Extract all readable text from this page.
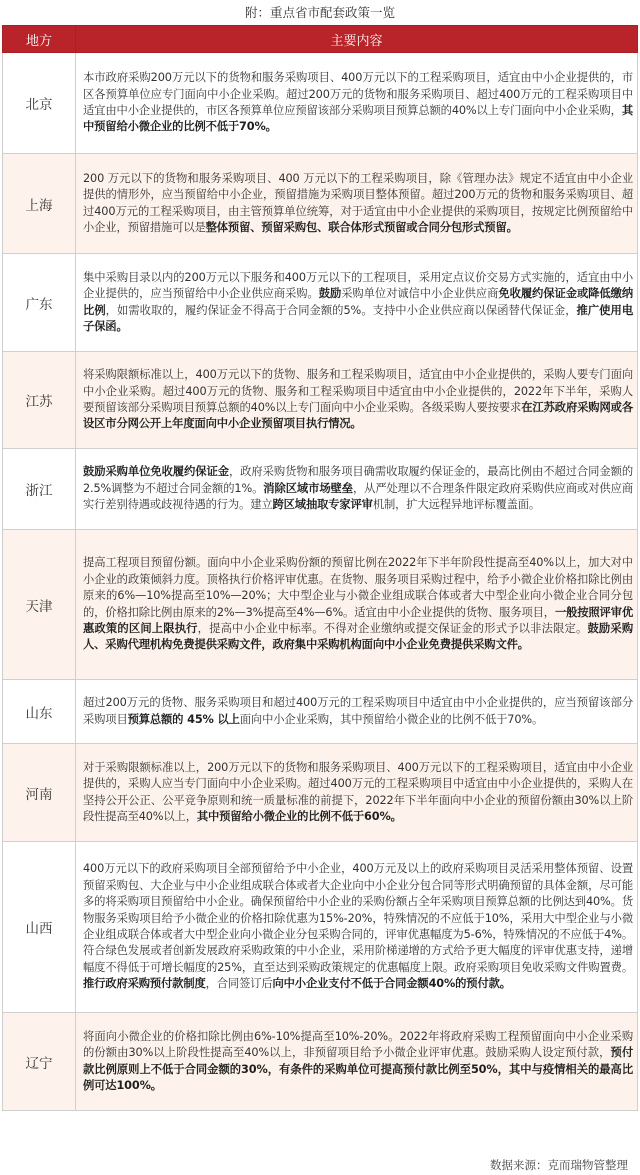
附：重点省市配套政策一览
地方	主要内容
北京	本市政府采购200万元以下的货物和服务采购项目、400万元以下的工程采购项目，适宜由中小企业提供的，市区各预算单位应专门面向中小企业采购。超过200万元的货物和服务采购项目、超过400万元的工程采购项目中适宜由中小企业提供的，市区各预算单位应预留该部分采购项目预算总额的40%以上专门面向中小企业采购，其中预留给小微企业的比例不低于70%。
上海	200 万元以下的货物和服务采购项目、400 万元以下的工程采购项目，除《管理办法》规定不适宜由中小企业提供的情形外，应当预留给中小企业，预留措施为采购项目整体预留。超过200万元的货物和服务采购项目、超过400万元的工程采购项目，由主管预算单位统筹，对于适宜由中小企业提供的采购项目，按规定比例预留给中小企业，预留措施可以是整体预留、预留采购包、联合体形式预留或合同分包形式预留。
广东	集中采购目录以内的200万元以下服务和400万元以下的工程项目，采用定点议价交易方式实施的，适宜由中小企业提供的，应当预留给中小企业供应商采购。鼓励采购单位对诚信中小企业供应商免收履约保证金或降低缴纳比例，如需收取的，履约保证金不得高于合同金额的5%。支持中小企业供应商以保函替代保证金，推广使用电子保函。
江苏	将采购限额标准以上，400万元以下的货物、服务和工程采购项目，适宜由中小企业提供的，采购人要专门面向中小企业采购。超过400万元的货物、服务和工程采购项目中适宜由中小企业提供的，2022年下半年，采购人要预留该部分采购项目预算总额的40%以上专门面向中小企业采购。各级采购人要按要求在江苏政府采购网或各设区市分网公开上年度面向中小企业预留项目执行情况。
浙江	鼓励采购单位免收履约保证金，政府采购货物和服务项目确需收取履约保证金的，最高比例由不超过合同金额的2.5%调整为不超过合同金额的1%。消除区域市场壁垒，从严处理以不合理条件限定政府采购供应商或对供应商实行差别待遇或歧视待遇的行为。建立跨区域抽取专家评审机制，扩大远程异地评标覆盖面。
天津	提高工程项目预留份额。面向中小企业采购份额的预留比例在2022年下半年阶段性提高至40%以上，加大对中小企业的政策倾斜力度。顶格执行价格评审优惠。在货物、服务项目采购过程中，给予小微企业价格扣除比例由原来的6%—10%提高至10%—20%；大中型企业与小微企业组成联合体或者大中型企业向小微企业合同分包的，价格扣除比例由原来的2%—3%提高至4%—6%。适宜由中小企业提供的货物、服务项目，一般按照评审优惠政策的区间上限执行，提高中小企业中标率。不得对企业缴纳或提交保证金的形式予以非法限定。鼓励采购人、采购代理机构免费提供采购文件，政府集中采购机构面向中小企业免费提供采购文件。
山东	超过200万元的货物、服务采购项目和超过400万元的工程采购项目中适宜由中小企业提供的，应当预留该部分采购项目预算总额的 45% 以上面向中小企业采购，其中预留给小微企业的比例不低于70%。
河南	对于采购限额标准以上，200万元以下的货物和服务采购项目、400万元以下的工程采购项目，适宜由中小企业提供的，采购人应当专门面向中小企业采购。超过400万元的工程采购项目中适宜由中小企业提供的，采购人在坚持公开公正、公平竞争原则和统一质量标准的前提下，2022年下半年面向中小企业的预留份额由30%以上阶段性提高至40%以上，其中预留给小微企业的比例不低于60%。
山西	400万元以下的政府采购项目全部预留给予中小企业，400万元及以上的政府采购项目灵活采用整体预留、设置预留采购包、大企业与中小企业组成联合体或者大企业向中小企业分包合同等形式明确预留的具体金额，尽可能多的将采购项目预留给中小企业。确保预留给中小企业的采购份额占全年采购项目预算总额的比例达到40%。货物服务采购项目给予小微企业的价格扣除优惠为15%-20%，特殊情况的不应低于10%，采用大中型企业与小微企业组成联合体或者大中型企业向小微企业分包采购合同的，评审优惠幅度为5-6%，特殊情况的不应低于4%。符合绿色发展或者创新发展政府采购政策的中小企业，采用阶梯递增的方式给予更大幅度的评审优惠支持，递增幅度不得低于可增长幅度的25%，直至达到采购政策规定的优惠幅度上限。政府采购项目免收采购文件购置费。推行政府采购预付款制度，合同签订后向中小企业支付不低于合同金额40%的预付款。
辽宁	将面向小微企业的价格扣除比例由6%-10%提高至10%-20%。2022年将政府采购工程预留面向中小企业采购的份额由30%以上阶段性提高至40%以上，非预留项目给予小微企业评审优惠。鼓励采购人设定预付款，预付款比例原则上不低于合同金额的30%，有条件的采购单位可提高预付款比例至50%，其中与疫情相关的最高比例可达100%。
数据来源：克而瑞物管整理
